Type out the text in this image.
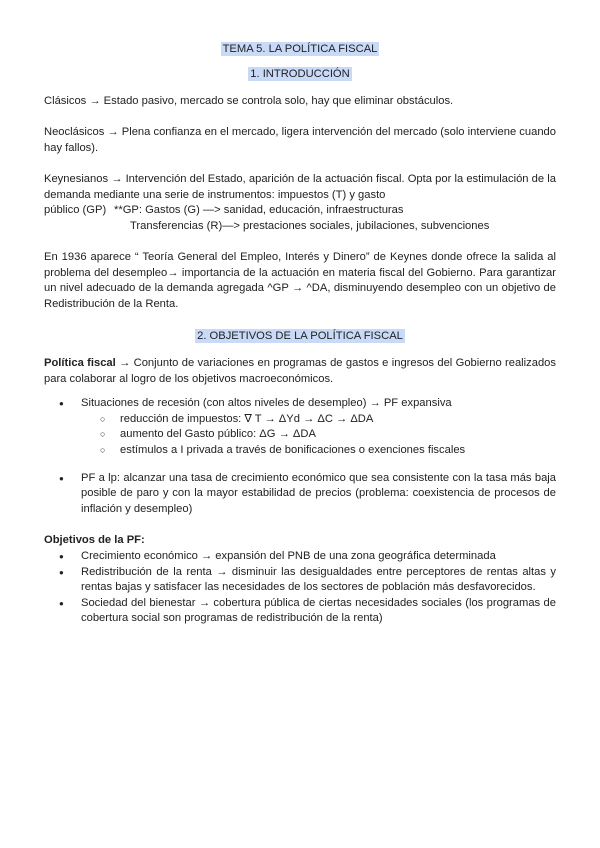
TEMA 5. LA POLÍTICA FISCAL
1. INTRODUCCIÓN

Clásicos → Estado pasivo, mercado se controla solo, hay que eliminar obstáculos.

Neoclásicos → Plena confianza en el mercado, ligera intervención del mercado (solo interviene cuando hay fallos).

Keynesianos → Intervención del Estado, aparición de la actuación fiscal. Opta por la estimulación de la demanda mediante una serie de instrumentos: impuestos (T) y gasto

público (GP) **GP: Gastos (G) —> sanidad, educación, infraestructuras
Transferencias (R)—> prestaciones sociales, jubilaciones, subvenciones

En 1936 aparece “ Teoría General del Empleo, Interés y Dinero” de Keynes donde ofrece la salida al problema del desempleo→ importancia de la actuación en materia fiscal del Gobierno. Para garantizar un nivel adecuado de la demanda agregada ^GP → ^DA, disminuyendo desempleo con un objetivo de Redistribución de la Renta.

2. OBJETIVOS DE LA POLÍTICA FISCAL

Política fiscal → Conjunto de variaciones en programas de gastos e ingresos del Gobierno realizados para colaborar al logro de los objetivos macroeconómicos.

● Situaciones de recesión (con altos niveles de desempleo) → PF expansiva
○ reducción de impuestos: ∇ T → ΔYd → ΔC → ΔDA
○ aumento del Gasto público: ΔG → ΔDA
○ estímulos a I privada a través de bonificaciones o exenciones fiscales
● PF a lp: alcanzar una tasa de crecimiento económico que sea consistente con la tasa más baja posible de paro y con la mayor estabilidad de precios (problema: coexistencia de procesos de inflación y desempleo)

Objetivos de la PF:

● Crecimiento económico → expansión del PNB de una zona geográfica determinada
● Redistribución de la renta → disminuir las desigualdades entre perceptores de rentas altas y rentas bajas y satisfacer las necesidades de los sectores de población más desfavorecidos.
● Sociedad del bienestar → cobertura pública de ciertas necesidades sociales (los programas de cobertura social son programas de redistribución de la renta)
